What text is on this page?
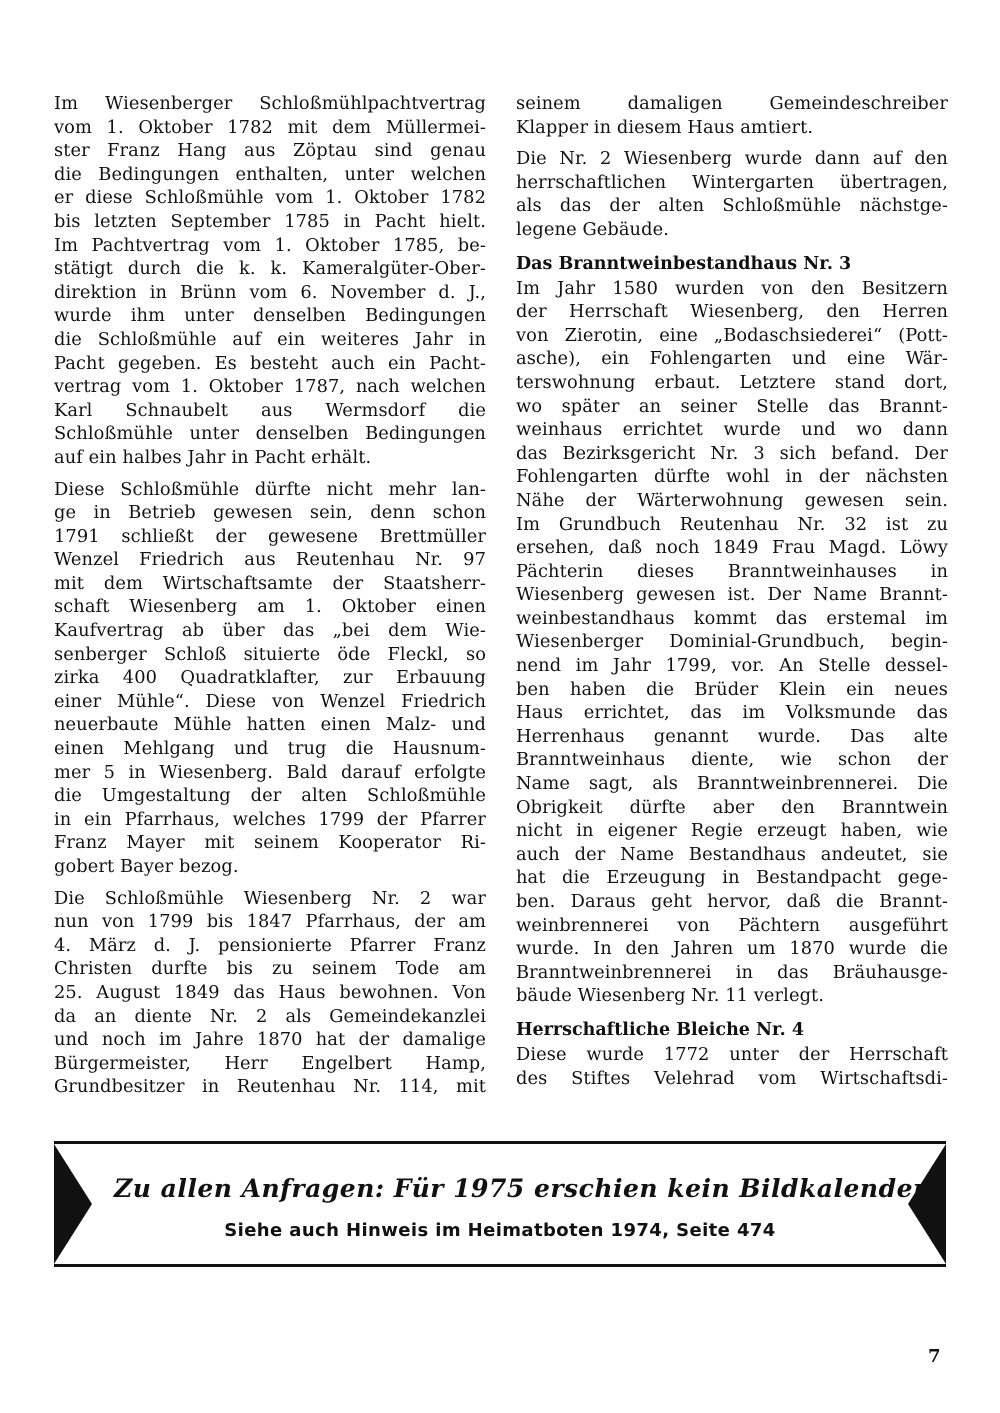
Im Wiesenberger Schloßmühlpachtvertrag
vom 1. Oktober 1782 mit dem Müllermei-
ster Franz Hang aus Zöptau sind genau
die Bedingungen enthalten, unter welchen
er diese Schloßmühle vom 1. Oktober 1782
bis letzten September 1785 in Pacht hielt.
Im Pachtvertrag vom 1. Oktober 1785, be-
stätigt durch die k. k. Kameralgüter-Ober-
direktion in Brünn vom 6. November d. J.,
wurde ihm unter denselben Bedingungen
die Schloßmühle auf ein weiteres Jahr in
Pacht gegeben. Es besteht auch ein Pacht-
vertrag vom 1. Oktober 1787, nach welchen
Karl Schnaubelt aus Wermsdorf die
Schloßmühle unter denselben Bedingungen
auf ein halbes Jahr in Pacht erhält.
Diese Schloßmühle dürfte nicht mehr lan-
ge in Betrieb gewesen sein, denn schon
1791 schließt der gewesene Brettmüller
Wenzel Friedrich aus Reutenhau Nr. 97
mit dem Wirtschaftsamte der Staatsherr-
schaft Wiesenberg am 1. Oktober einen
Kaufvertrag ab über das „bei dem Wie-
senberger Schloß situierte öde Fleckl, so
zirka 400 Quadratklafter, zur Erbauung
einer Mühle“. Diese von Wenzel Friedrich
neuerbaute Mühle hatten einen Malz- und
einen Mehlgang und trug die Hausnum-
mer 5 in Wiesenberg. Bald darauf erfolgte
die Umgestaltung der alten Schloßmühle
in ein Pfarrhaus, welches 1799 der Pfarrer
Franz Mayer mit seinem Kooperator Ri-
gobert Bayer bezog.
Die Schloßmühle Wiesenberg Nr. 2 war
nun von 1799 bis 1847 Pfarrhaus, der am
4. März d. J. pensionierte Pfarrer Franz
Christen durfte bis zu seinem Tode am
25. August 1849 das Haus bewohnen. Von
da an diente Nr. 2 als Gemeindekanzlei
und noch im Jahre 1870 hat der damalige
Bürgermeister, Herr Engelbert Hamp,
Grundbesitzer in Reutenhau Nr. 114, mit
seinem damaligen Gemeindeschreiber
Klapper in diesem Haus amtiert.
Die Nr. 2 Wiesenberg wurde dann auf den
herrschaftlichen Wintergarten übertragen,
als das der alten Schloßmühle nächstge-
legene Gebäude.
Das Branntweinbestandhaus Nr. 3
Im Jahr 1580 wurden von den Besitzern
der Herrschaft Wiesenberg, den Herren
von Zierotin, eine „Bodaschsiederei“ (Pott-
asche), ein Fohlengarten und eine Wär-
terswohnung erbaut. Letztere stand dort,
wo später an seiner Stelle das Brannt-
weinhaus errichtet wurde und wo dann
das Bezirksgericht Nr. 3 sich befand. Der
Fohlengarten dürfte wohl in der nächsten
Nähe der Wärterwohnung gewesen sein.
Im Grundbuch Reutenhau Nr. 32 ist zu
ersehen, daß noch 1849 Frau Magd. Löwy
Pächterin dieses Branntweinhauses in
Wiesenberg gewesen ist. Der Name Brannt-
weinbestandhaus kommt das erstemal im
Wiesenberger Dominial-Grundbuch, begin-
nend im Jahr 1799, vor. An Stelle dessel-
ben haben die Brüder Klein ein neues
Haus errichtet, das im Volksmunde das
Herrenhaus genannt wurde. Das alte
Branntweinhaus diente, wie schon der
Name sagt, als Branntweinbrennerei. Die
Obrigkeit dürfte aber den Branntwein
nicht in eigener Regie erzeugt haben, wie
auch der Name Bestandhaus andeutet, sie
hat die Erzeugung in Bestandpacht gege-
ben. Daraus geht hervor, daß die Brannt-
weinbrennerei von Pächtern ausgeführt
wurde. In den Jahren um 1870 wurde die
Branntweinbrennerei in das Bräuhausge-
bäude Wiesenberg Nr. 11 verlegt.
Herrschaftliche Bleiche Nr. 4
Diese wurde 1772 unter der Herrschaft
des Stiftes Velehrad vom Wirtschaftsdi-
Zu allen Anfragen: Für 1975 erschien kein Bildkalender!
Siehe auch Hinweis im Heimatboten 1974, Seite 474
7
